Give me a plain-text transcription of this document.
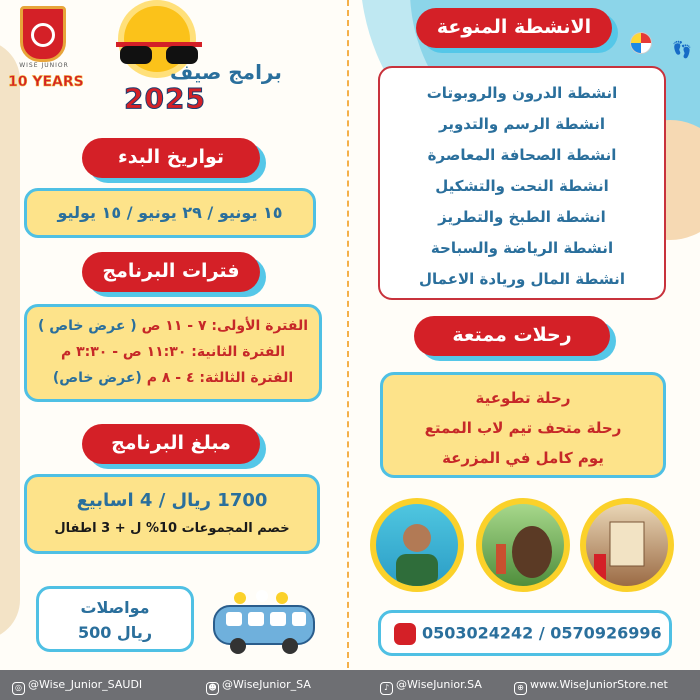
👣
WISE JUNIOR
10 YEARS	برامج صيف
2025
تواريخ البدء
١٥ يونيو / ٢٩ يونيو / ١٥ يوليو
فترات البرنامج
الفترة الأولى: ٧ - ١١ ص ( عرض خاص )
الفترة الثانية: ١١:٣٠ ص - ٣:٣٠ م
الفترة الثالثة: ٤ - ٨ م (عرض خاص)
مبلغ البرنامج
1700 ريال / 4 اسابيع
خصم المجموعات 10% ل + 3 اطفال
مواصلات
500 ريال
الانشطة المنوعة
انشطة الدرون والروبوتات
انشطة الرسم والتدوير
انشطة الصحافة المعاصرة
انشطة النحت والتشكيل
انشطة الطبخ والتطريز
انشطة الرياضة والسباحة
انشطة المال وريادة الاعمال
رحلات ممتعة
رحلة تطوعية
رحلة متحف تيم لاب الممتع
يوم كامل في المزرعة
0503024242 / 0570926996
◎ @Wise_Junior_SAUDI	☻ @WiseJunior_SA	♪ @WiseJunior.SA	⊕ www.WiseJuniorStore.net
